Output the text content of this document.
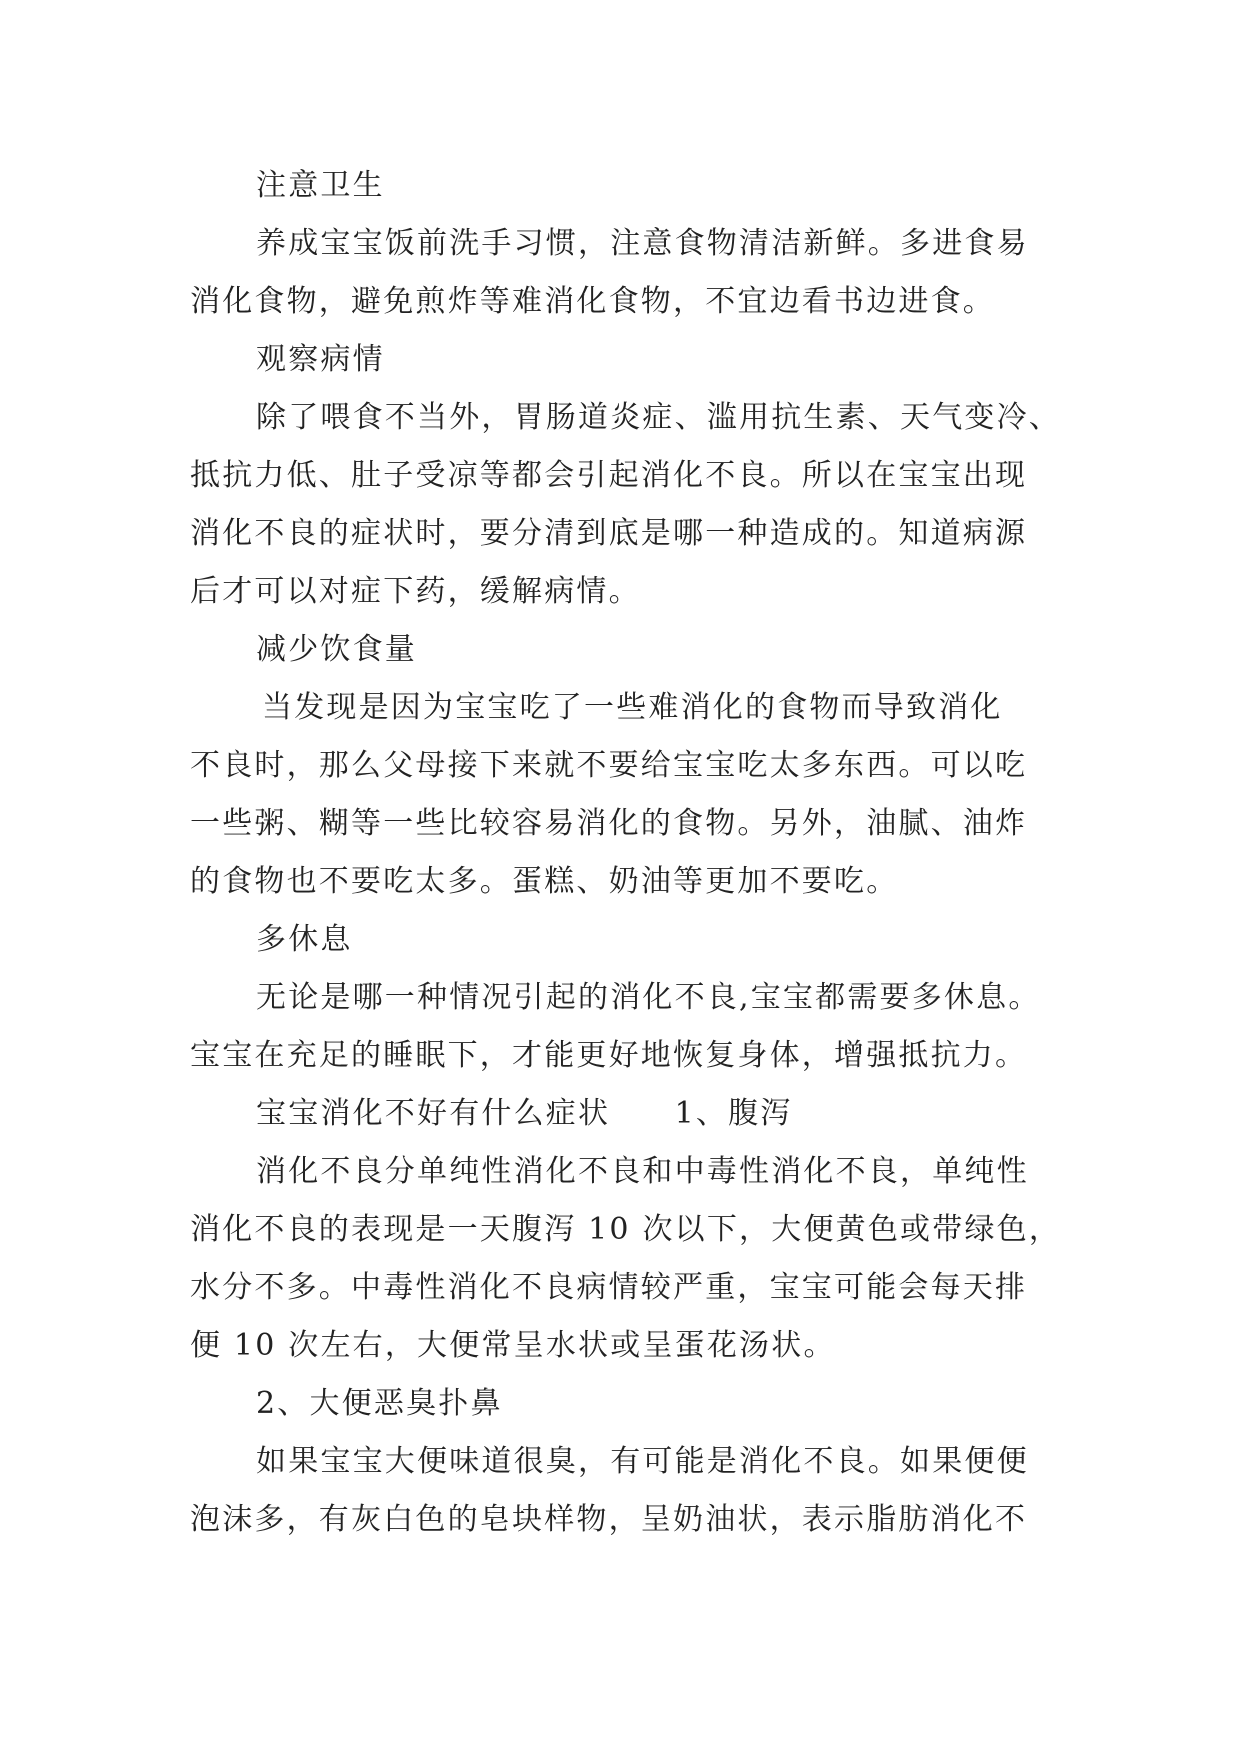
注意卫生
养成宝宝饭前洗手习惯，注意食物清洁新鲜。多进食易
消化食物，避免煎炸等难消化食物，不宜边看书边进食。
观察病情
除了喂食不当外，胃肠道炎症、滥用抗生素、天气变冷、
抵抗力低、肚子受凉等都会引起消化不良。所以在宝宝出现
消化不良的症状时，要分清到底是哪一种造成的。知道病源
后才可以对症下药，缓解病情。
减少饮食量
当发现是因为宝宝吃了一些难消化的食物而导致消化
不良时，那么父母接下来就不要给宝宝吃太多东西。可以吃
一些粥、糊等一些比较容易消化的食物。另外，油腻、油炸
的食物也不要吃太多。蛋糕、奶油等更加不要吃。
多休息
无论是哪一种情况引起的消化不良,宝宝都需要多休息。
宝宝在充足的睡眠下，才能更好地恢复身体，增强抵抗力。
宝宝消化不好有什么症状　　1、腹泻
消化不良分单纯性消化不良和中毒性消化不良，单纯性
消化不良的表现是一天腹泻 10 次以下，大便黄色或带绿色，
水分不多。中毒性消化不良病情较严重，宝宝可能会每天排
便 10 次左右，大便常呈水状或呈蛋花汤状。
2、大便恶臭扑鼻
如果宝宝大便味道很臭，有可能是消化不良。如果便便
泡沫多，有灰白色的皂块样物，呈奶油状，表示脂肪消化不
